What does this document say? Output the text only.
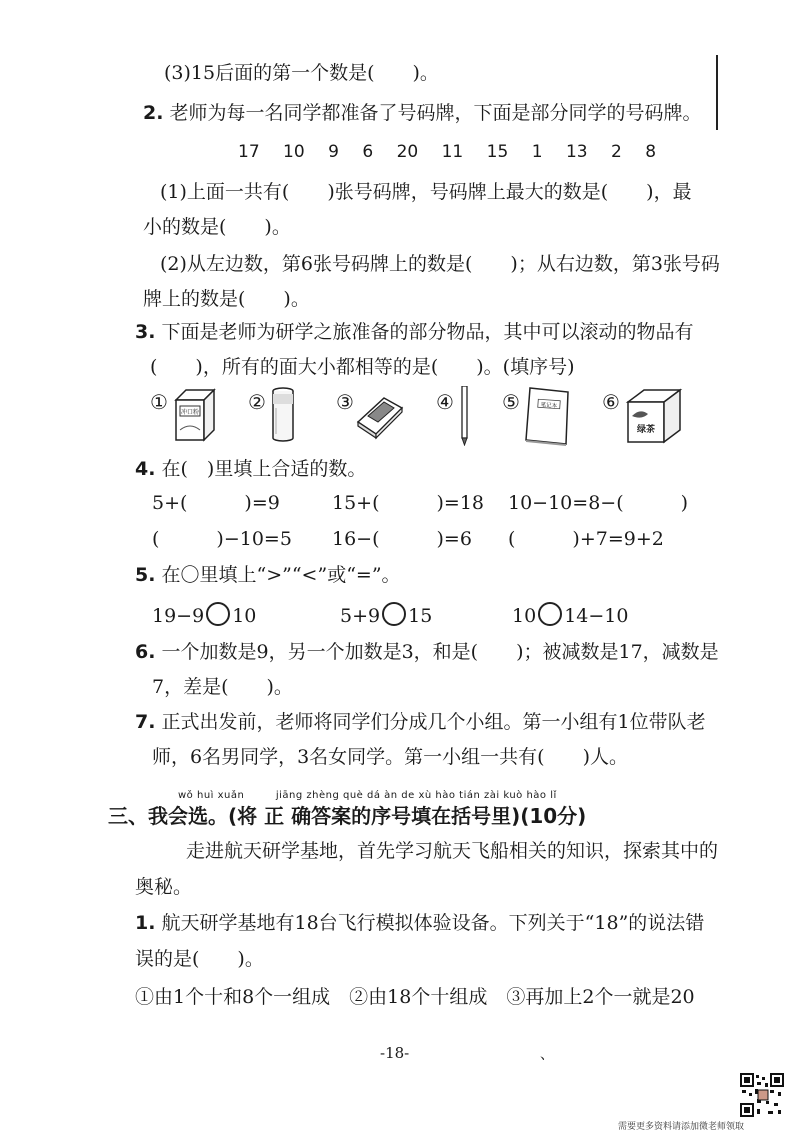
(3)15后面的第一个数是(　　)。
2. 老师为每一名同学都准备了号码牌，下面是部分同学的号码牌。
17 10 9 6 20 11 15 1 13 2 8
(1)上面一共有(　　)张号码牌，号码牌上最大的数是(　　)，最
小的数是(　　)。
(2)从左边数，第6张号码牌上的数是(　　)；从右边数，第3张号码
牌上的数是(　　)。
3. 下面是老师为研学之旅准备的部分物品，其中可以滚动的物品有
(　　)，所有的面大小都相等的是(　　)。(填序号)
① 冲口粉 ②	③	④ ⑤	笔记本 ⑥
绿茶
4. 在(　)里填上合适的数。
5+(　　　)=9	15+(　　　)=18 10−10=8−(　　　)
(　　　)−10=5 16−(　　　)=6 (　　　)+7=9+2
5. 在〇里填上“>”“<”或“=”。
19−9 10	5+9 15	10 14−10
6. 一个加数是9，另一个加数是3，和是(　　)；被减数是17，减数是
7，差是(　　)。
7. 正式出发前，老师将同学们分成几个小组。第一小组有1位带队老
师，6名男同学，3名女同学。第一小组一共有(　　)人。
wǒ huì xuǎn　　　jiāng zhèng què dá àn de xù hào tián zài kuò hào lǐ
三、我会选。(将 正 确答案的序号填在括号里)(10分)
走进航天研学基地，首先学习航天飞船相关的知识，探索其中的
奥秘。
1. 航天研学基地有18台飞行模拟体验设备。下列关于“18”的说法错
误的是(　　)。
①由1个十和8个一组成　②由18个十组成　③再加上2个一就是20
-18-	、
需要更多资料请添加微老师领取
